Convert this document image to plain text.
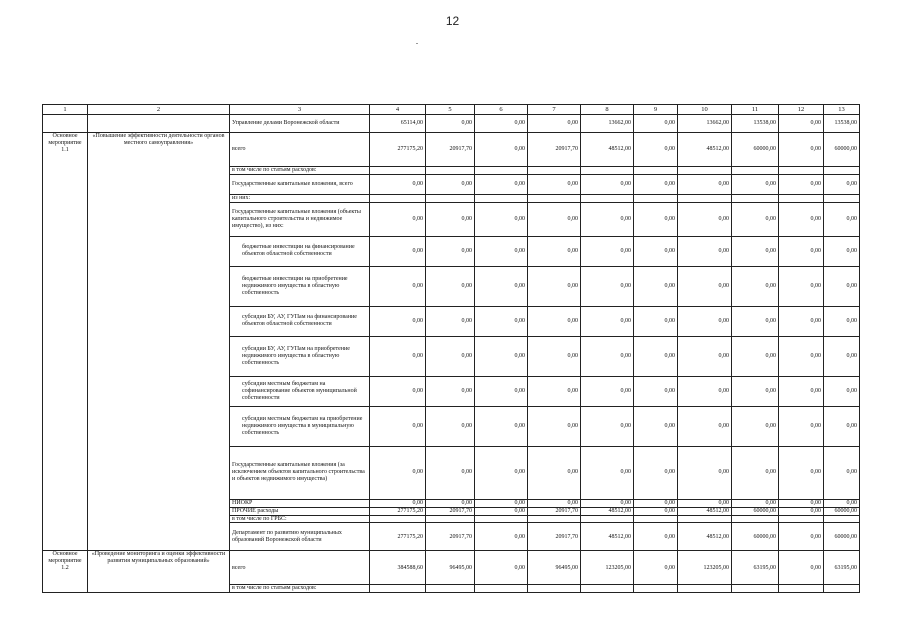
12
1	2	3	4	5	6	7	8	9	10	11	12	13
		Управление делами Воронежской области	65114,00	0,00	0,00	0,00	13662,00	0,00	13662,00	13538,00	0,00	13538,00
Основное мероприятие 1.1	«Повышение эффективности деятельности органов местного самоуправления»	всего	277175,20	20917,70	0,00	20917,70	48512,00	0,00	48512,00	60000,00	0,00	60000,00
		в том числе по статьям расходов:										
		Государственные капитальные вложения, всего	0,00	0,00	0,00	0,00	0,00	0,00	0,00	0,00	0,00	0,00
		из них:										
		Государственные капитальные вложения (объекты капитального строительства и недвижимое имущество), из них:	0,00	0,00	0,00	0,00	0,00	0,00	0,00	0,00	0,00	0,00
		бюджетные инвестиции на финансирование объектов областной собственности	0,00	0,00	0,00	0,00	0,00	0,00	0,00	0,00	0,00	0,00
		бюджетные инвестиции на приобретение недвижимого имущества в областную собственность	0,00	0,00	0,00	0,00	0,00	0,00	0,00	0,00	0,00	0,00
		субсидии БУ, АУ, ГУПам на финансирование объектов областной собственности	0,00	0,00	0,00	0,00	0,00	0,00	0,00	0,00	0,00	0,00
		субсидии БУ, АУ, ГУПам на приобретение недвижимого имущества в областную собственность	0,00	0,00	0,00	0,00	0,00	0,00	0,00	0,00	0,00	0,00
		субсидии местным бюджетам на софинансирование объектов муниципальной собственности	0,00	0,00	0,00	0,00	0,00	0,00	0,00	0,00	0,00	0,00
		субсидии местным бюджетам на приобретение недвижимого имущества в муниципальную собственность	0,00	0,00	0,00	0,00	0,00	0,00	0,00	0,00	0,00	0,00
		Государственные капитальные вложения (за исключением объектов капитального строительства и объектов недвижимого имущества)	0,00	0,00	0,00	0,00	0,00	0,00	0,00	0,00	0,00	0,00
		НИОКР	0,00	0,00	0,00	0,00	0,00	0,00	0,00	0,00	0,00	0,00
		ПРОЧИЕ расходы	277175,20	20917,70	0,00	20917,70	48512,00	0,00	48512,00	60000,00	0,00	60000,00
		в том числе по ГРБС:										
		Департамент по развитию муниципальных образований Воронежской области	277175,20	20917,70	0,00	20917,70	48512,00	0,00	48512,00	60000,00	0,00	60000,00
Основное мероприятие 1.2	«Проведение мониторинга и оценки эффективности развития муниципальных образований»	всего	384588,60	96495,00	0,00	96495,00	123205,00	0,00	123205,00	63195,00	0,00	63195,00
		в том числе по статьям расходов:										
